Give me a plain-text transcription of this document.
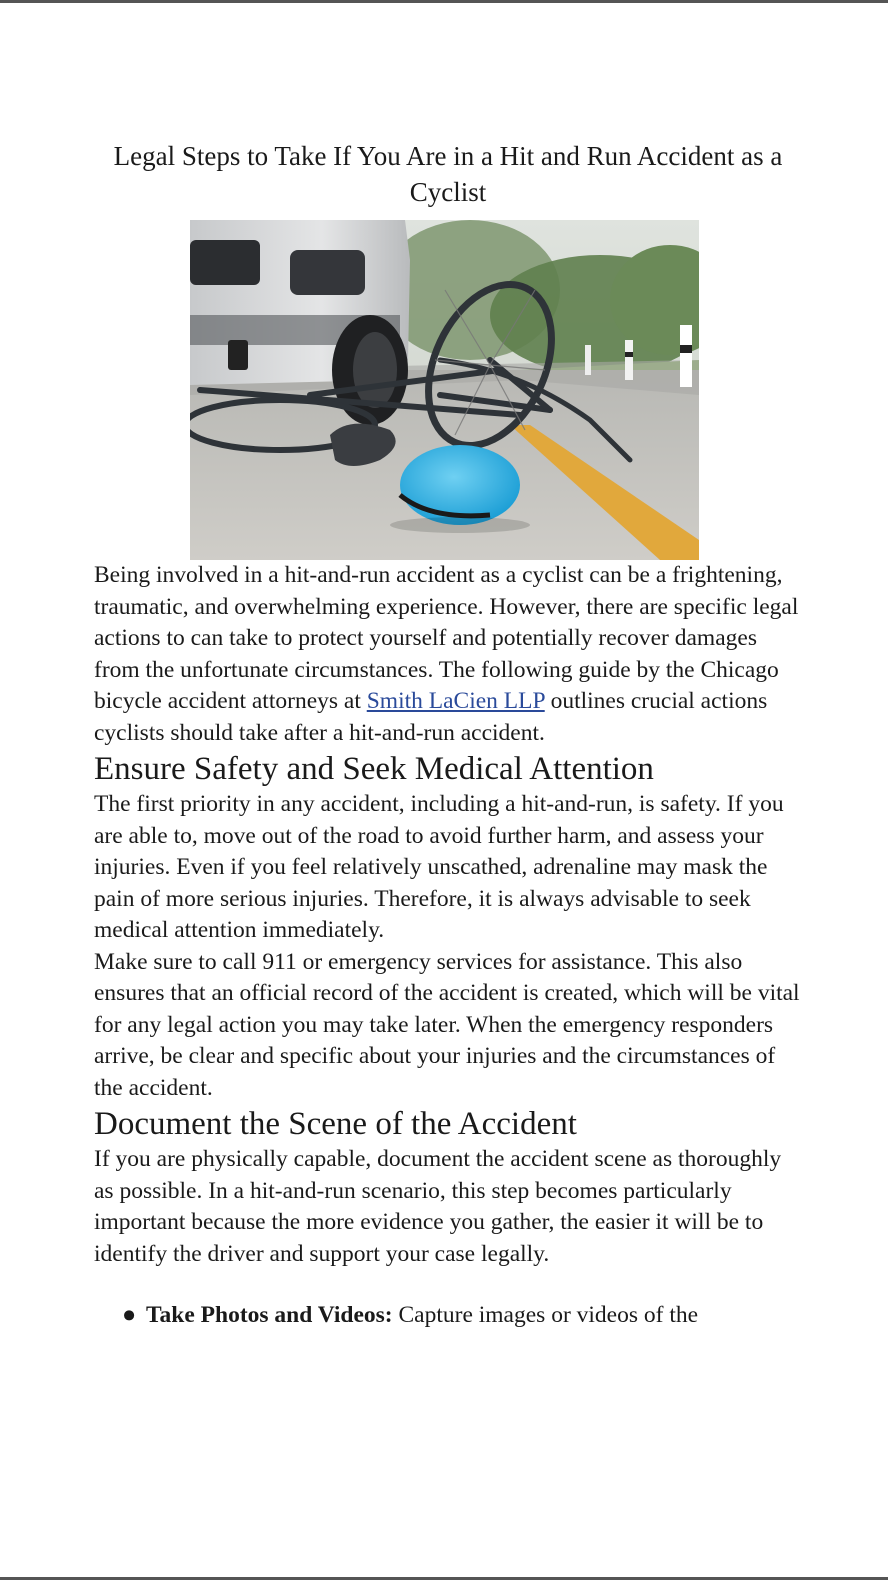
Legal Steps to Take If You Are in a Hit and Run Accident as a Cyclist

Being involved in a hit-and-run accident as a cyclist can be a frightening, traumatic, and overwhelming experience. However, there are specific legal actions to can take to protect yourself and potentially recover damages from the unfortunate circumstances. The following guide by the Chicago bicycle accident attorneys at Smith LaCien LLP outlines crucial actions cyclists should take after a hit-and-run accident.

Ensure Safety and Seek Medical Attention

The first priority in any accident, including a hit-and-run, is safety. If you are able to, move out of the road to avoid further harm, and assess your injuries. Even if you feel relatively unscathed, adrenaline may mask the pain of more serious injuries. Therefore, it is always advisable to seek medical attention immediately.

Make sure to call 911 or emergency services for assistance. This also ensures that an official record of the accident is created, which will be vital for any legal action you may take later. When the emergency responders arrive, be clear and specific about your injuries and the circumstances of the accident.

Document the Scene of the Accident

If you are physically capable, document the accident scene as thoroughly as possible. In a hit-and-run scenario, this step becomes particularly important because the more evidence you gather, the easier it will be to identify the driver and support your case legally.

● Take Photos and Videos: Capture images or videos of the
